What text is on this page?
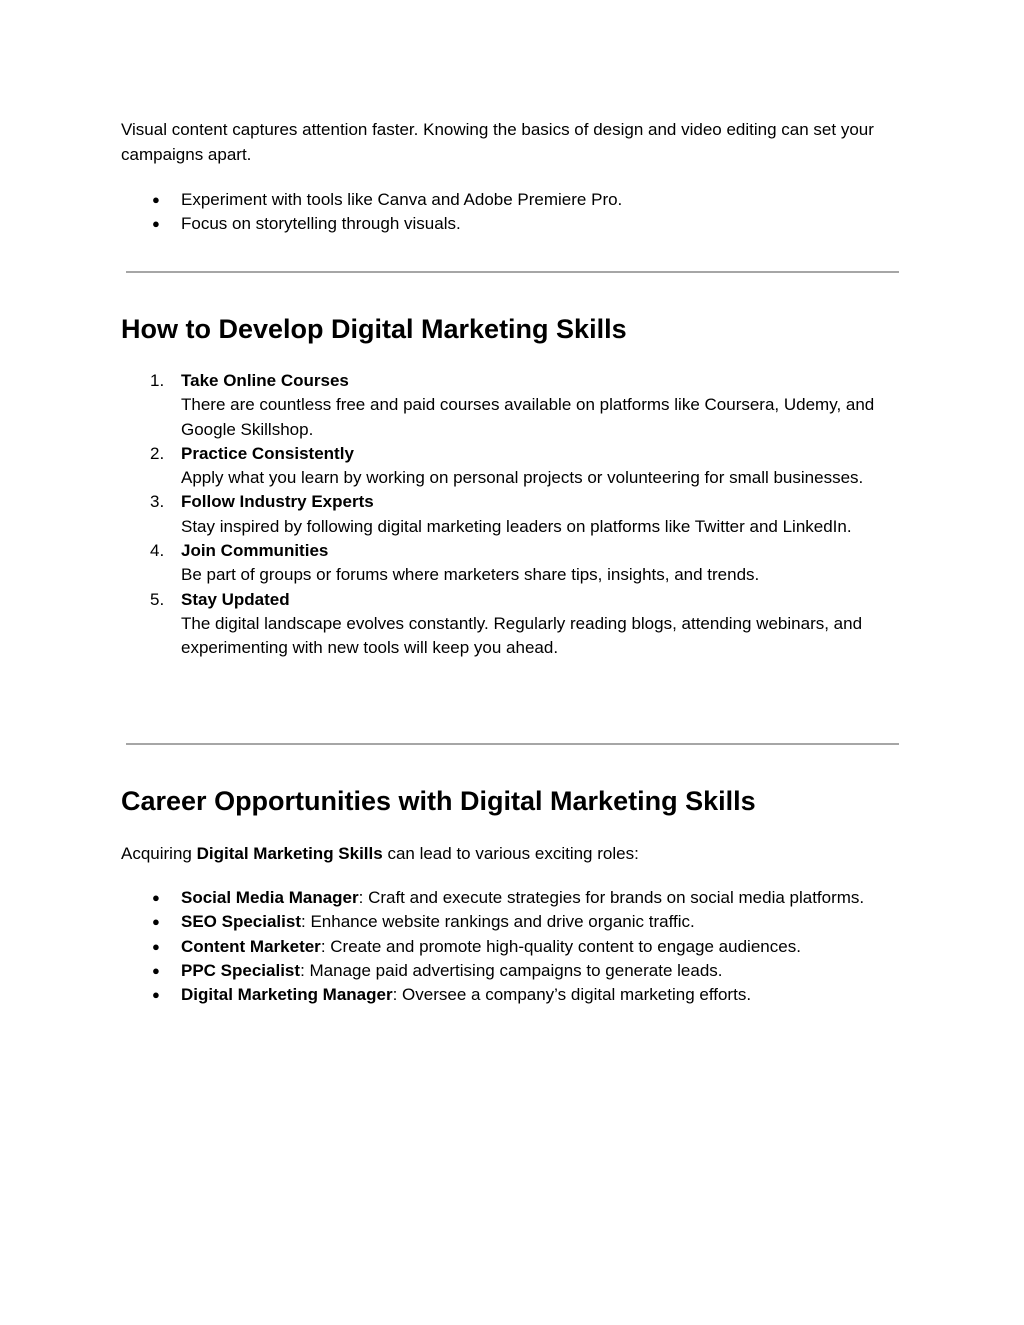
Visual content captures attention faster. Knowing the basics of design and video editing can set your campaigns apart.

● Experiment with tools like Canva and Adobe Premiere Pro.
● Focus on storytelling through visuals.
How to Develop Digital Marketing Skills
1. Take Online Courses
There are countless free and paid courses available on platforms like Coursera, Udemy, and Google Skillshop.
2. Practice Consistently
Apply what you learn by working on personal projects or volunteering for small businesses.
3. Follow Industry Experts
Stay inspired by following digital marketing leaders on platforms like Twitter and LinkedIn.
4. Join Communities
Be part of groups or forums where marketers share tips, insights, and trends.
5. Stay Updated
The digital landscape evolves constantly. Regularly reading blogs, attending webinars, and experimenting with new tools will keep you ahead.
Career Opportunities with Digital Marketing Skills

Acquiring Digital Marketing Skills can lead to various exciting roles:

● Social Media Manager: Craft and execute strategies for brands on social media platforms.
● SEO Specialist: Enhance website rankings and drive organic traffic.
● Content Marketer: Create and promote high-quality content to engage audiences.
● PPC Specialist: Manage paid advertising campaigns to generate leads.
● Digital Marketing Manager: Oversee a company’s digital marketing efforts.
